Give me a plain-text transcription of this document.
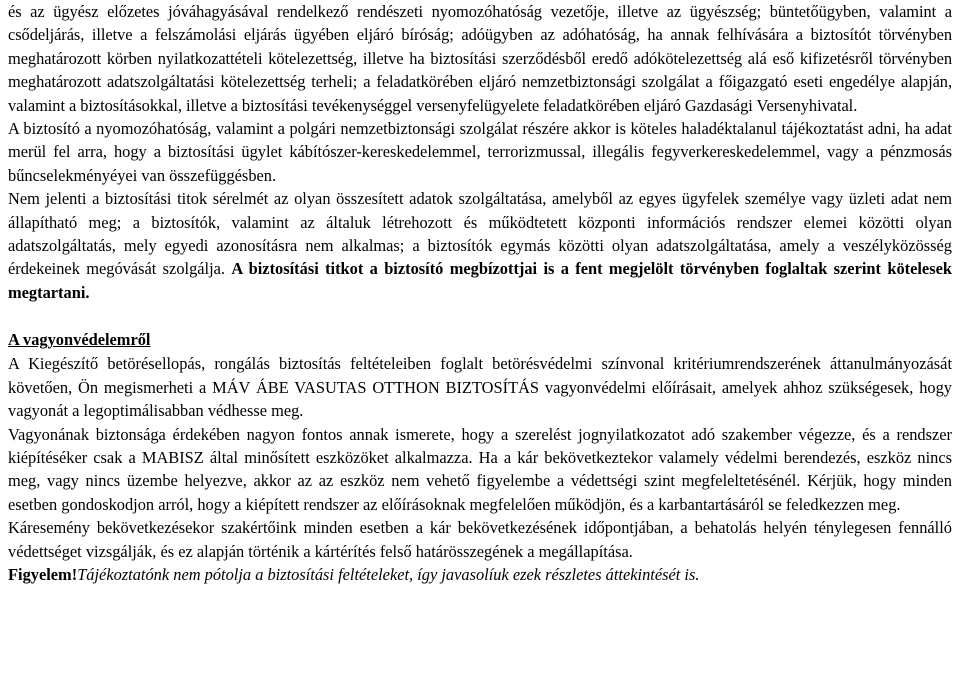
és az ügyész előzetes jóváhagyásával rendelkező rendészeti nyomozóhatóság vezetője, illetve az ügyészség; büntetőügyben, valamint a csődeljárás, illetve a felszámolási eljárás ügyében eljáró bíróság; adóügyben az adóhatóság, ha annak felhívására a biztosítót törvényben meghatározott körben nyilatkozattételi kötelezettség, illetve ha biztosítási szerződésből eredő adókötelezettség alá eső kifizetésről törvényben meghatározott adatszolgáltatási kötelezettség terheli; a feladatkörében eljáró nemzetbiztonsági szolgálat a főigazgató eseti engedélye alapján, valamint a biztosításokkal, illetve a biztosítási tevékenységgel versenyfelügyelete feladatkörében eljáró Gazdasági Versenyhivatal.

A biztosító a nyomozóhatóság, valamint a polgári nemzetbiztonsági szolgálat részére akkor is köteles haladéktalanul tájékoztatást adni, ha adat merül fel arra, hogy a biztosítási ügylet kábítószer-kereskedelemmel, terrorizmussal, illegális fegyverkereskedelemmel, vagy a pénzmosás bűncselekményéyei van összefüggésben.

Nem jelenti a biztosítási titok sérelmét az olyan összesített adatok szolgáltatása, amelyből az egyes ügyfelek személye vagy üzleti adat nem állapítható meg; a biztosítók, valamint az általuk létrehozott és működtetett központi információs rendszer elemei közötti olyan adatszolgáltatás, mely egyedi azonosításra nem alkalmas; a biztosítók egymás közötti olyan adatszolgáltatása, amely a veszélyközösség érdekeinek megóvását szolgálja. A biztosítási titkot a biztosító megbízottjai is a fent megjelölt törvényben foglaltak szerint kötelesek megtartani.

A vagyonvédelemről

A Kiegészítő betörésellopás, rongálás biztosítás feltételeiben foglalt betörésvédelmi színvonal kritériumrendszerének áttanulmányozását követően, Ön megismerheti a MÁV ÁBE VASUTAS OTTHON BIZTOSÍTÁS vagyonvédelmi előírásait, amelyek ahhoz szükségesek, hogy vagyonát a legoptimálisabban védhesse meg.

Vagyonának biztonsága érdekében nagyon fontos annak ismerete, hogy a szerelést jognyilatkozatot adó szakember végezze, és a rendszer kiépítéséker csak a MABISZ által minősített eszközöket alkalmazza. Ha a kár bekövetkeztekor valamely védelmi berendezés, eszköz nincs meg, vagy nincs üzembe helyezve, akkor az az eszköz nem vehető figyelembe a védettségi szint megfeleltetésénél. Kérjük, hogy minden esetben gondoskodjon arról, hogy a kiépített rendszer az előírásoknak megfelelően működjön, és a karbantartásáról se feledkezzen meg.

Káresemény bekövetkezésekor szakértőink minden esetben a kár bekövetkezésének időpontjában, a behatolás helyén ténylegesen fennálló védettséget vizsgálják, és ez alapján történik a kártérítés felső határösszegének a megállapítása.

Figyelem!Tájékoztatónk nem pótolja a biztosítási feltételeket, így javasolíuk ezek részletes áttekintését is.
